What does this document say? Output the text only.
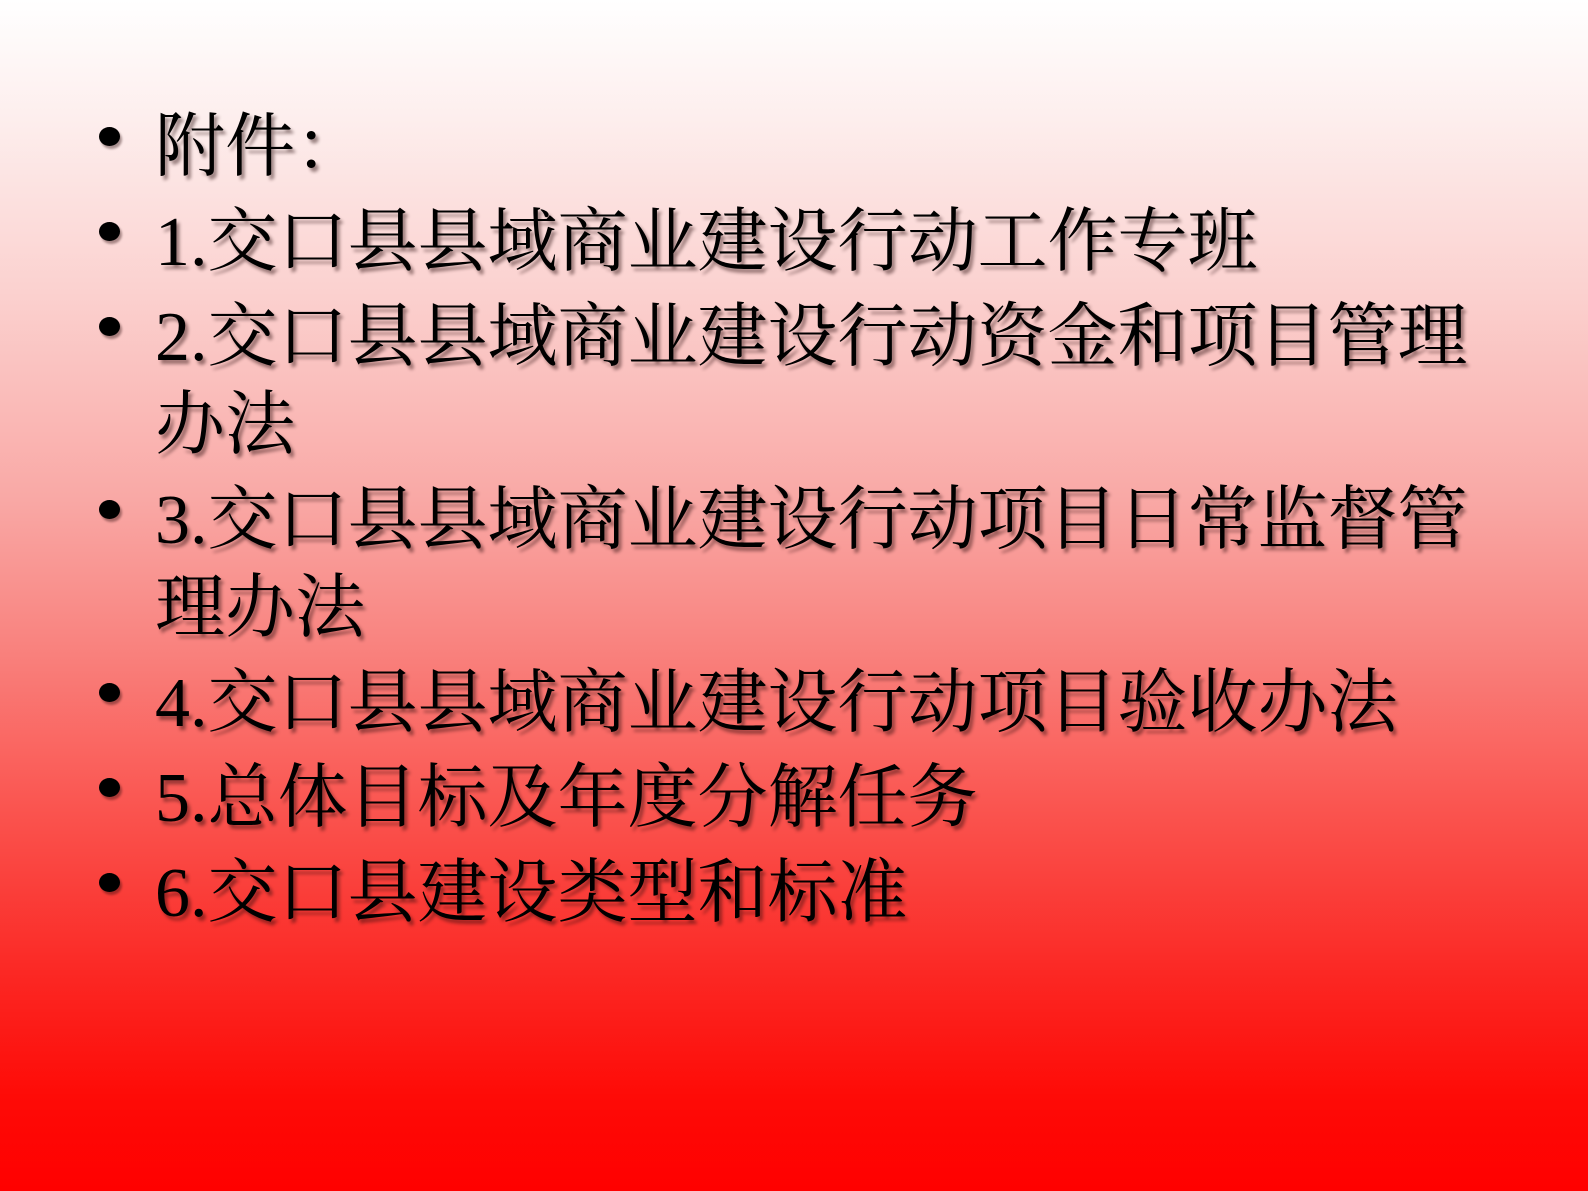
附件：
1.交口县县域商业建设行动工作专班
2.交口县县域商业建设行动资金和项目管理办法
3.交口县县域商业建设行动项目日常监督管理办法
4.交口县县域商业建设行动项目验收办法
5.总体目标及年度分解任务
6.交口县建设类型和标准
